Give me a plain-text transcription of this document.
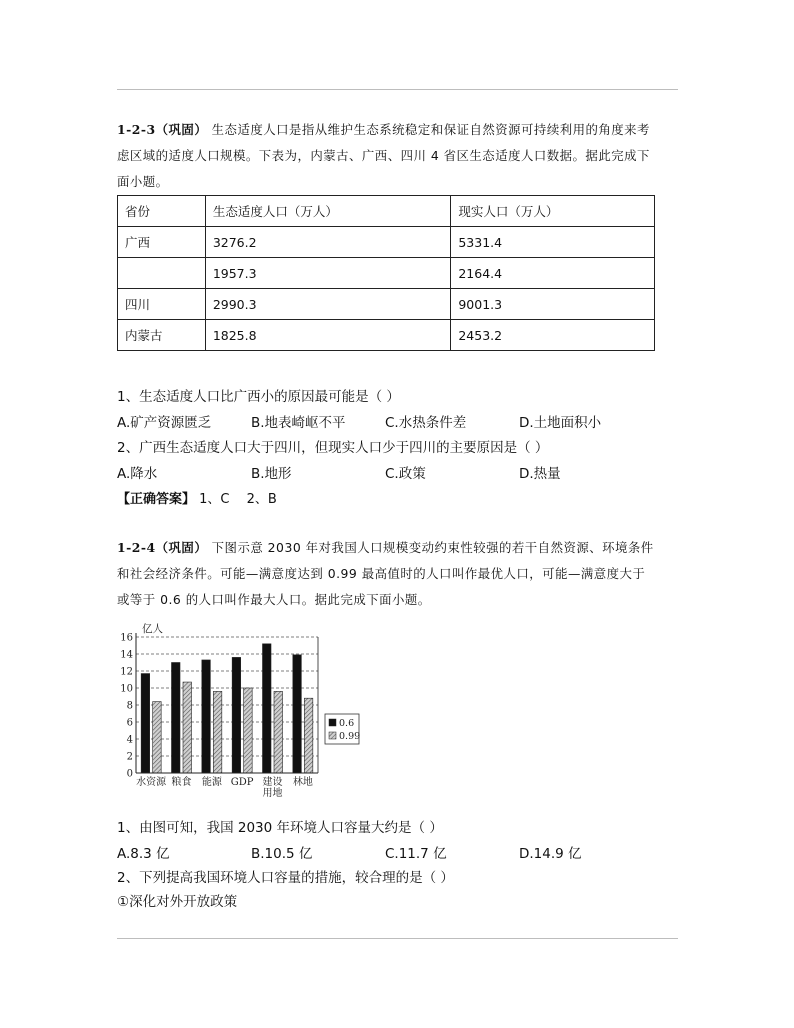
1-2-3（巩固） 生态适度人口是指从维护生态系统稳定和保证自然资源可持续利用的角度来考
虑区域的适度人口规模。下表为，内蒙古、广西、四川 4 省区生态适度人口数据。据此完成下
面小题。
省份	生态适度人口（万人）	现实人口（万人）
广西	3276.2	5331.4
	1957.3	2164.4
四川	2990.3	9001.3
内蒙古	1825.8	2453.2
1、生态适度人口比广西小的原因最可能是（ ）
A.矿产资源匮乏	B.地表崎岖不平	C.水热条件差	D.土地面积小
2、广西生态适度人口大于四川，但现实人口少于四川的主要原因是（ ）
A.降水	B.地形	C.政策	D.热量
【正确答案】 1、C　 2、B
1-2-4（巩固） 下图示意 2030 年对我国人口规模变动约束性较强的若干自然资源、环境条件
和社会经济条件。可能—满意度达到 0.99 最高值时的人口叫作最优人口，可能—满意度大于
或等于 0.6 的人口叫作最大人口。据此完成下面小题。
0
2
4
6
8
10
12
14
16
亿人
水资源 粮食 能源 GDP 建设
用地
林地
0.6
0.99
1、由图可知，我国 2030 年环境人口容量大约是（ ）
A.8.3 亿	B.10.5 亿	C.11.7 亿	D.14.9 亿
2、下列提高我国环境人口容量的措施，较合理的是（ ）
①深化对外开放政策
